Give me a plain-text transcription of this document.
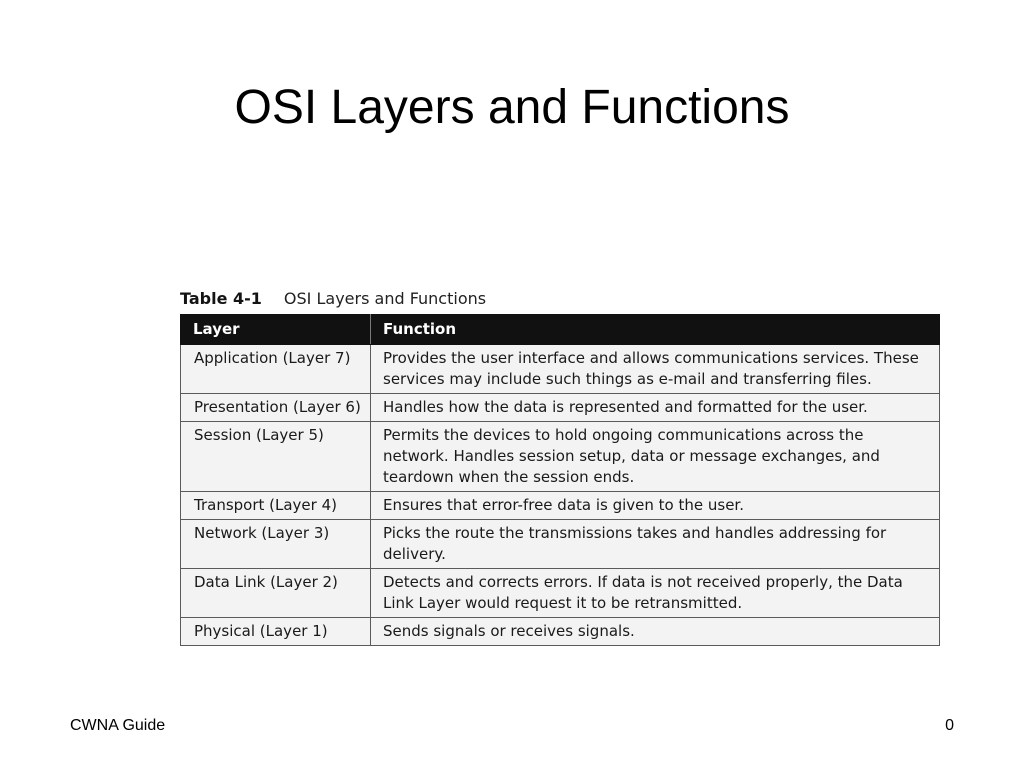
OSI Layers and Functions
Table 4-1 OSI Layers and Functions
Layer	Function
Application (Layer 7)	Provides the user interface and allows communications services. These services may include such things as e-mail and transferring files.
Presentation (Layer 6)	Handles how the data is represented and formatted for the user.
Session (Layer 5)	Permits the devices to hold ongoing communications across the network. Handles session setup, data or message exchanges, and teardown when the session ends.
Transport (Layer 4)	Ensures that error-free data is given to the user.
Network (Layer 3)	Picks the route the transmissions takes and handles addressing for delivery.
Data Link (Layer 2)	Detects and corrects errors. If data is not received properly, the Data Link Layer would request it to be retransmitted.
Physical (Layer 1)	Sends signals or receives signals.
CWNA Guide	0
